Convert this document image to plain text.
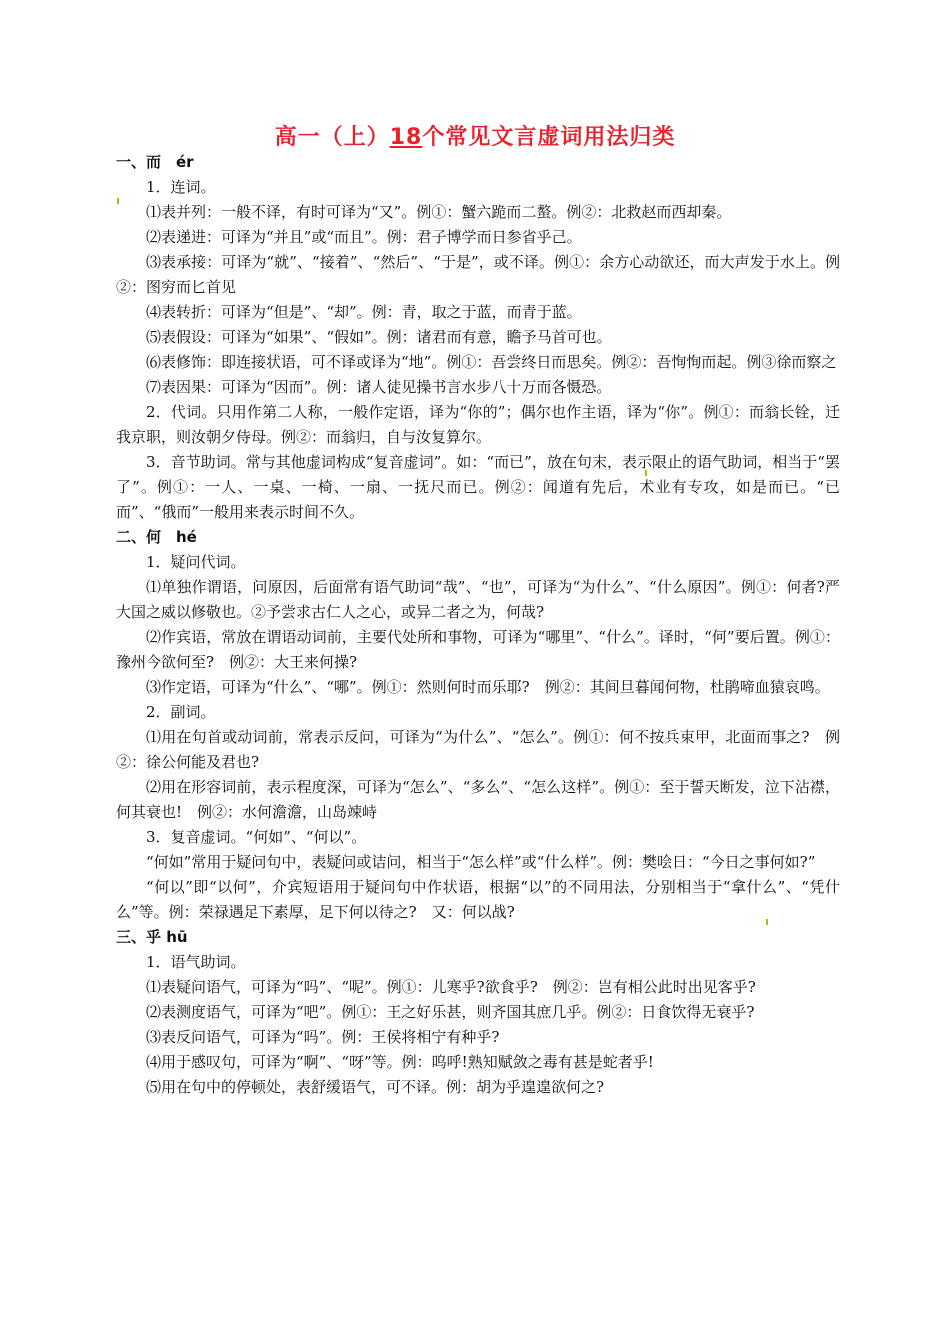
高一（上）18个常见文言虚词用法归类
一、而　ér

1．连词。

⑴表并列：一般不译，有时可译为“又”。例①：蟹六跪而二螯。例②：北救赵而西却秦。

⑵表递进：可译为“并且”或“而且”。例：君子博学而日参省乎己。

⑶表承接：可译为“就”、“接着”、“然后”、“于是”，或不译。例①：余方心动欲还，而大声发于水上。例②：图穷而匕首见

⑷表转折：可译为“但是”、“却”。例：青，取之于蓝，而青于蓝。

⑸表假设：可译为“如果”、“假如”。例：诸君而有意，瞻予马首可也。

⑹表修饰：即连接状语，可不译或译为“地”。例①：吾尝终日而思矣。例②：吾恂恂而起。例③徐而察之

⑺表因果：可译为“因而”。例：诸人徒见操书言水步八十万而各慑恐。

2．代词。只用作第二人称，一般作定语，译为“你的”；偶尔也作主语，译为“你”。例①：而翁长铨，迁我京职，则汝朝夕侍母。例②：而翁归，自与汝复算尔。

3．音节助词。常与其他虚词构成“复音虚词”。如：“而已”，放在句末，表示限止的语气助词，相当于“罢了”。例①：一人、一桌、一椅、一扇、一抚尺而已。例②：闻道有先后，术业有专攻，如是而已。“已而”、“俄而”一般用来表示时间不久。

二、何　hé

1．疑问代词。

⑴单独作谓语，问原因，后面常有语气助词“哉”、“也”，可译为“为什么”、“什么原因”。例①：何者?严大国之威以修敬也。②予尝求古仁人之心，或异二者之为，何哉?

⑵作宾语，常放在谓语动词前，主要代处所和事物，可译为“哪里”、“什么”。译时，“何”要后置。例①：豫州今欲何至?　例②：大王来何操?

⑶作定语，可译为“什么”、“哪”。例①：然则何时而乐耶?　例②：其间旦暮闻何物，杜鹃啼血猿哀鸣。

2．副词。

⑴用在句首或动词前，常表示反问，可译为“为什么”、“怎么”。例①：何不按兵束甲，北面而事之?　例②：徐公何能及君也?

⑵用在形容词前，表示程度深，可译为“怎么”、“多么”、“怎么这样”。例①：至于誓天断发，泣下沾襟，何其衰也!　例②：水何澹澹，山岛竦峙

3．复音虚词。“何如”、“何以”。

“何如”常用于疑问句中，表疑问或诘问，相当于“怎么样”或“什么样”。例：樊哙日：“今日之事何如?”

“何以”即“以何”，介宾短语用于疑问句中作状语，根据“以”的不同用法，分别相当于“拿什么”、“凭什么”等。例：荣禄遇足下素厚，足下何以待之?　又：何以战?

三、乎 hū

1．语气助词。

⑴表疑问语气，可译为“吗”、“呢”。例①：儿寒乎?欲食乎?　例②：岂有相公此时出见客乎?

⑵表测度语气，可译为“吧”。例①：王之好乐甚，则齐国其庶几乎。例②：日食饮得无衰乎?

⑶表反问语气，可译为“吗”。例：王侯将相宁有种乎?

⑷用于感叹句，可译为“啊”、“呀”等。例：呜呼!熟知赋敛之毒有甚是蛇者乎!

⑸用在句中的停顿处，表舒缓语气，可不译。例：胡为乎遑遑欲何之?
